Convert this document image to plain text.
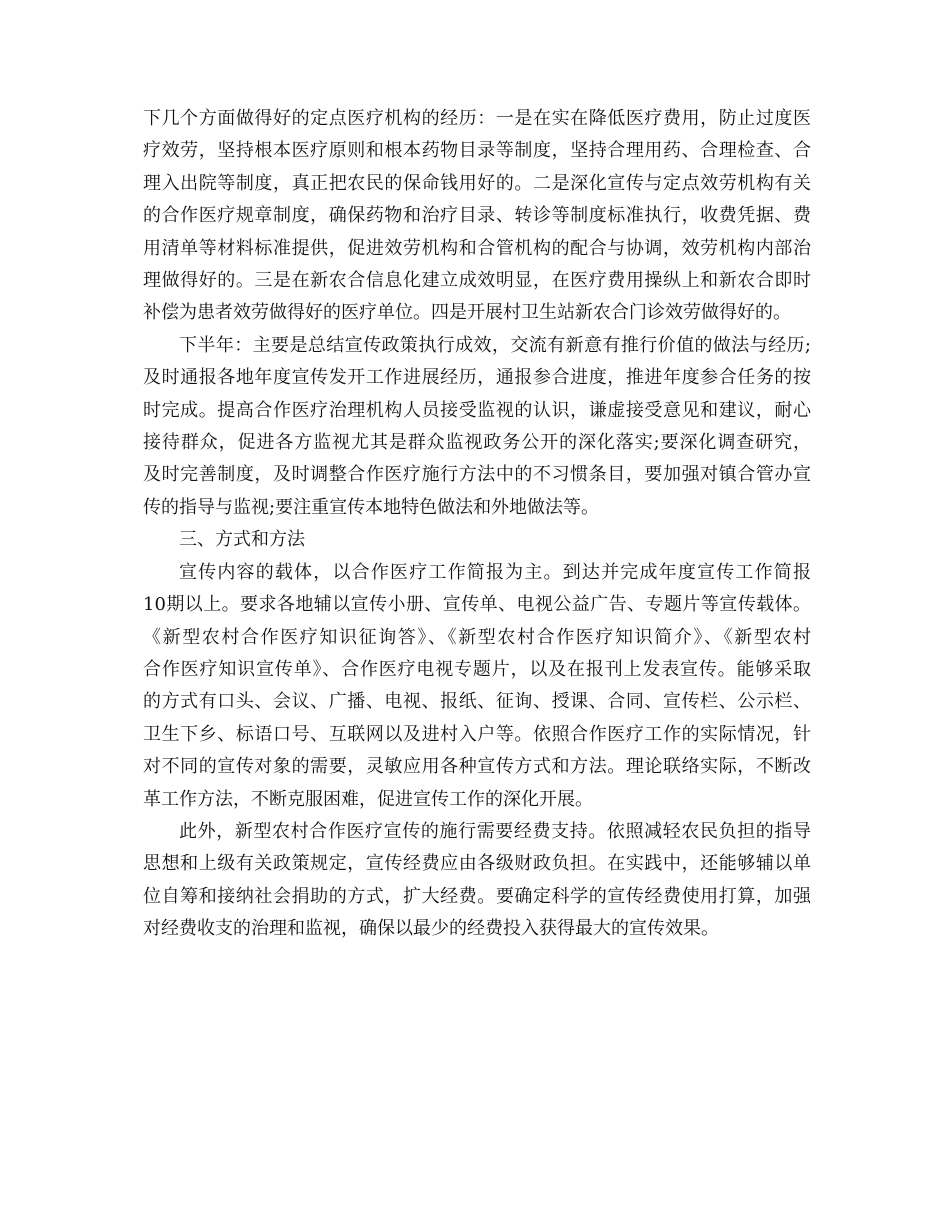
下几个方面做得好的定点医疗机构的经历：一是在实在降低医疗费用，防止过度医
疗效劳，坚持根本医疗原则和根本药物目录等制度，坚持合理用药、合理检查、合
理入出院等制度，真正把农民的保命钱用好的。二是深化宣传与定点效劳机构有关
的合作医疗规章制度，确保药物和治疗目录、转诊等制度标准执行，收费凭据、费
用清单等材料标准提供，促进效劳机构和合管机构的配合与协调，效劳机构内部治
理做得好的。三是在新农合信息化建立成效明显，在医疗费用操纵上和新农合即时
补偿为患者效劳做得好的医疗单位。四是开展村卫生站新农合门诊效劳做得好的。
下半年：主要是总结宣传政策执行成效，交流有新意有推行价值的做法与经历;
及时通报各地年度宣传发开工作进展经历，通报参合进度，推进年度参合任务的按
时完成。提高合作医疗治理机构人员接受监视的认识，谦虚接受意见和建议，耐心
接待群众，促进各方监视尤其是群众监视政务公开的深化落实;要深化调查研究，
及时完善制度，及时调整合作医疗施行方法中的不习惯条目，要加强对镇合管办宣
传的指导与监视;要注重宣传本地特色做法和外地做法等。
三、方式和方法
宣传内容的载体，以合作医疗工作简报为主。到达并完成年度宣传工作简报
10期以上。要求各地辅以宣传小册、宣传单、电视公益广告、专题片等宣传载体。
《新型农村合作医疗知识征询答》、《新型农村合作医疗知识简介》、《新型农村
合作医疗知识宣传单》、合作医疗电视专题片，以及在报刊上发表宣传。能够采取
的方式有口头、会议、广播、电视、报纸、征询、授课、合同、宣传栏、公示栏、
卫生下乡、标语口号、互联网以及进村入户等。依照合作医疗工作的实际情况，针
对不同的宣传对象的需要，灵敏应用各种宣传方式和方法。理论联络实际，不断改
革工作方法，不断克服困难，促进宣传工作的深化开展。
此外，新型农村合作医疗宣传的施行需要经费支持。依照减轻农民负担的指导
思想和上级有关政策规定，宣传经费应由各级财政负担。在实践中，还能够辅以单
位自筹和接纳社会捐助的方式，扩大经费。要确定科学的宣传经费使用打算，加强
对经费收支的治理和监视，确保以最少的经费投入获得最大的宣传效果。
